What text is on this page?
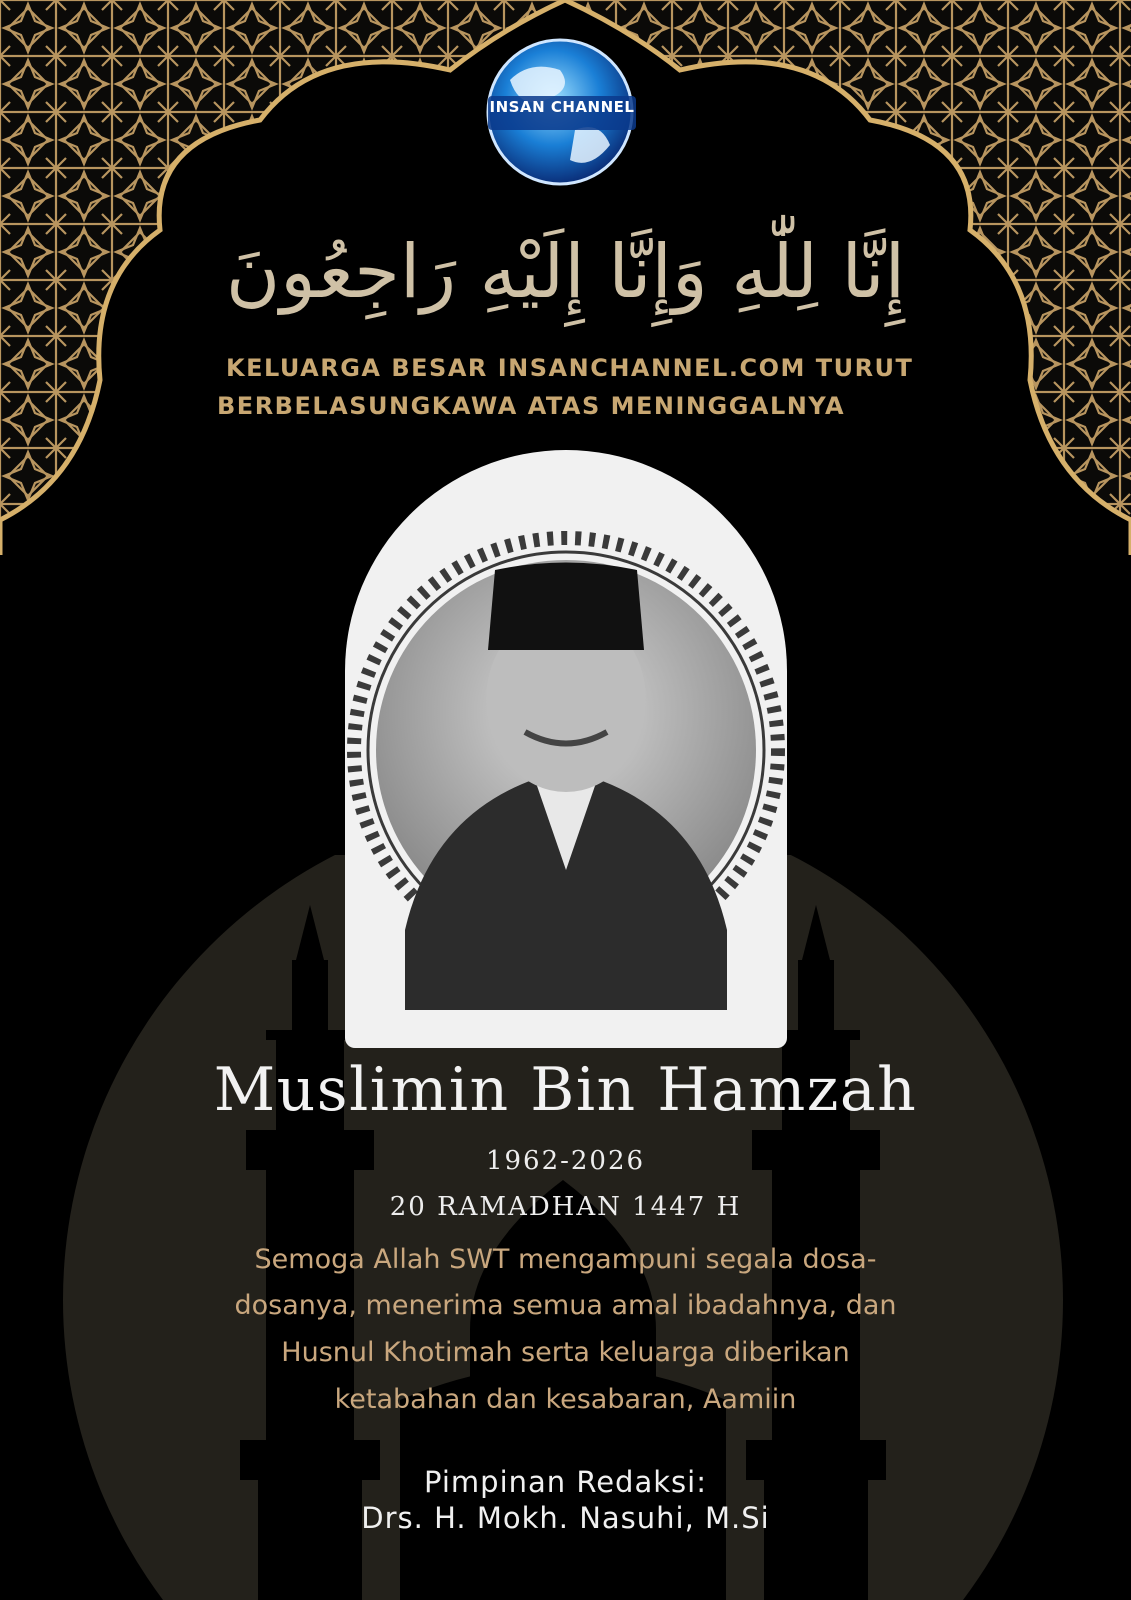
INSAN CHANNEL
إِنَّا لِلّٰهِ وَإِنَّا إِلَيْهِ رَاجِعُونَ
KELUARGA BESAR INSANCHANNEL.COM TURUT
BERBELASUNGKAWA ATAS MENINGGALNYA
Muslimin Bin Hamzah
1962-2026
20 RAMADHAN 1447 H
Semoga Allah SWT mengampuni segala dosa-
dosanya, menerima semua amal ibadahnya, dan
Husnul Khotimah serta keluarga diberikan
ketabahan dan kesabaran, Aamiin
Pimpinan Redaksi:
Drs. H. Mokh. Nasuhi, M.Si
